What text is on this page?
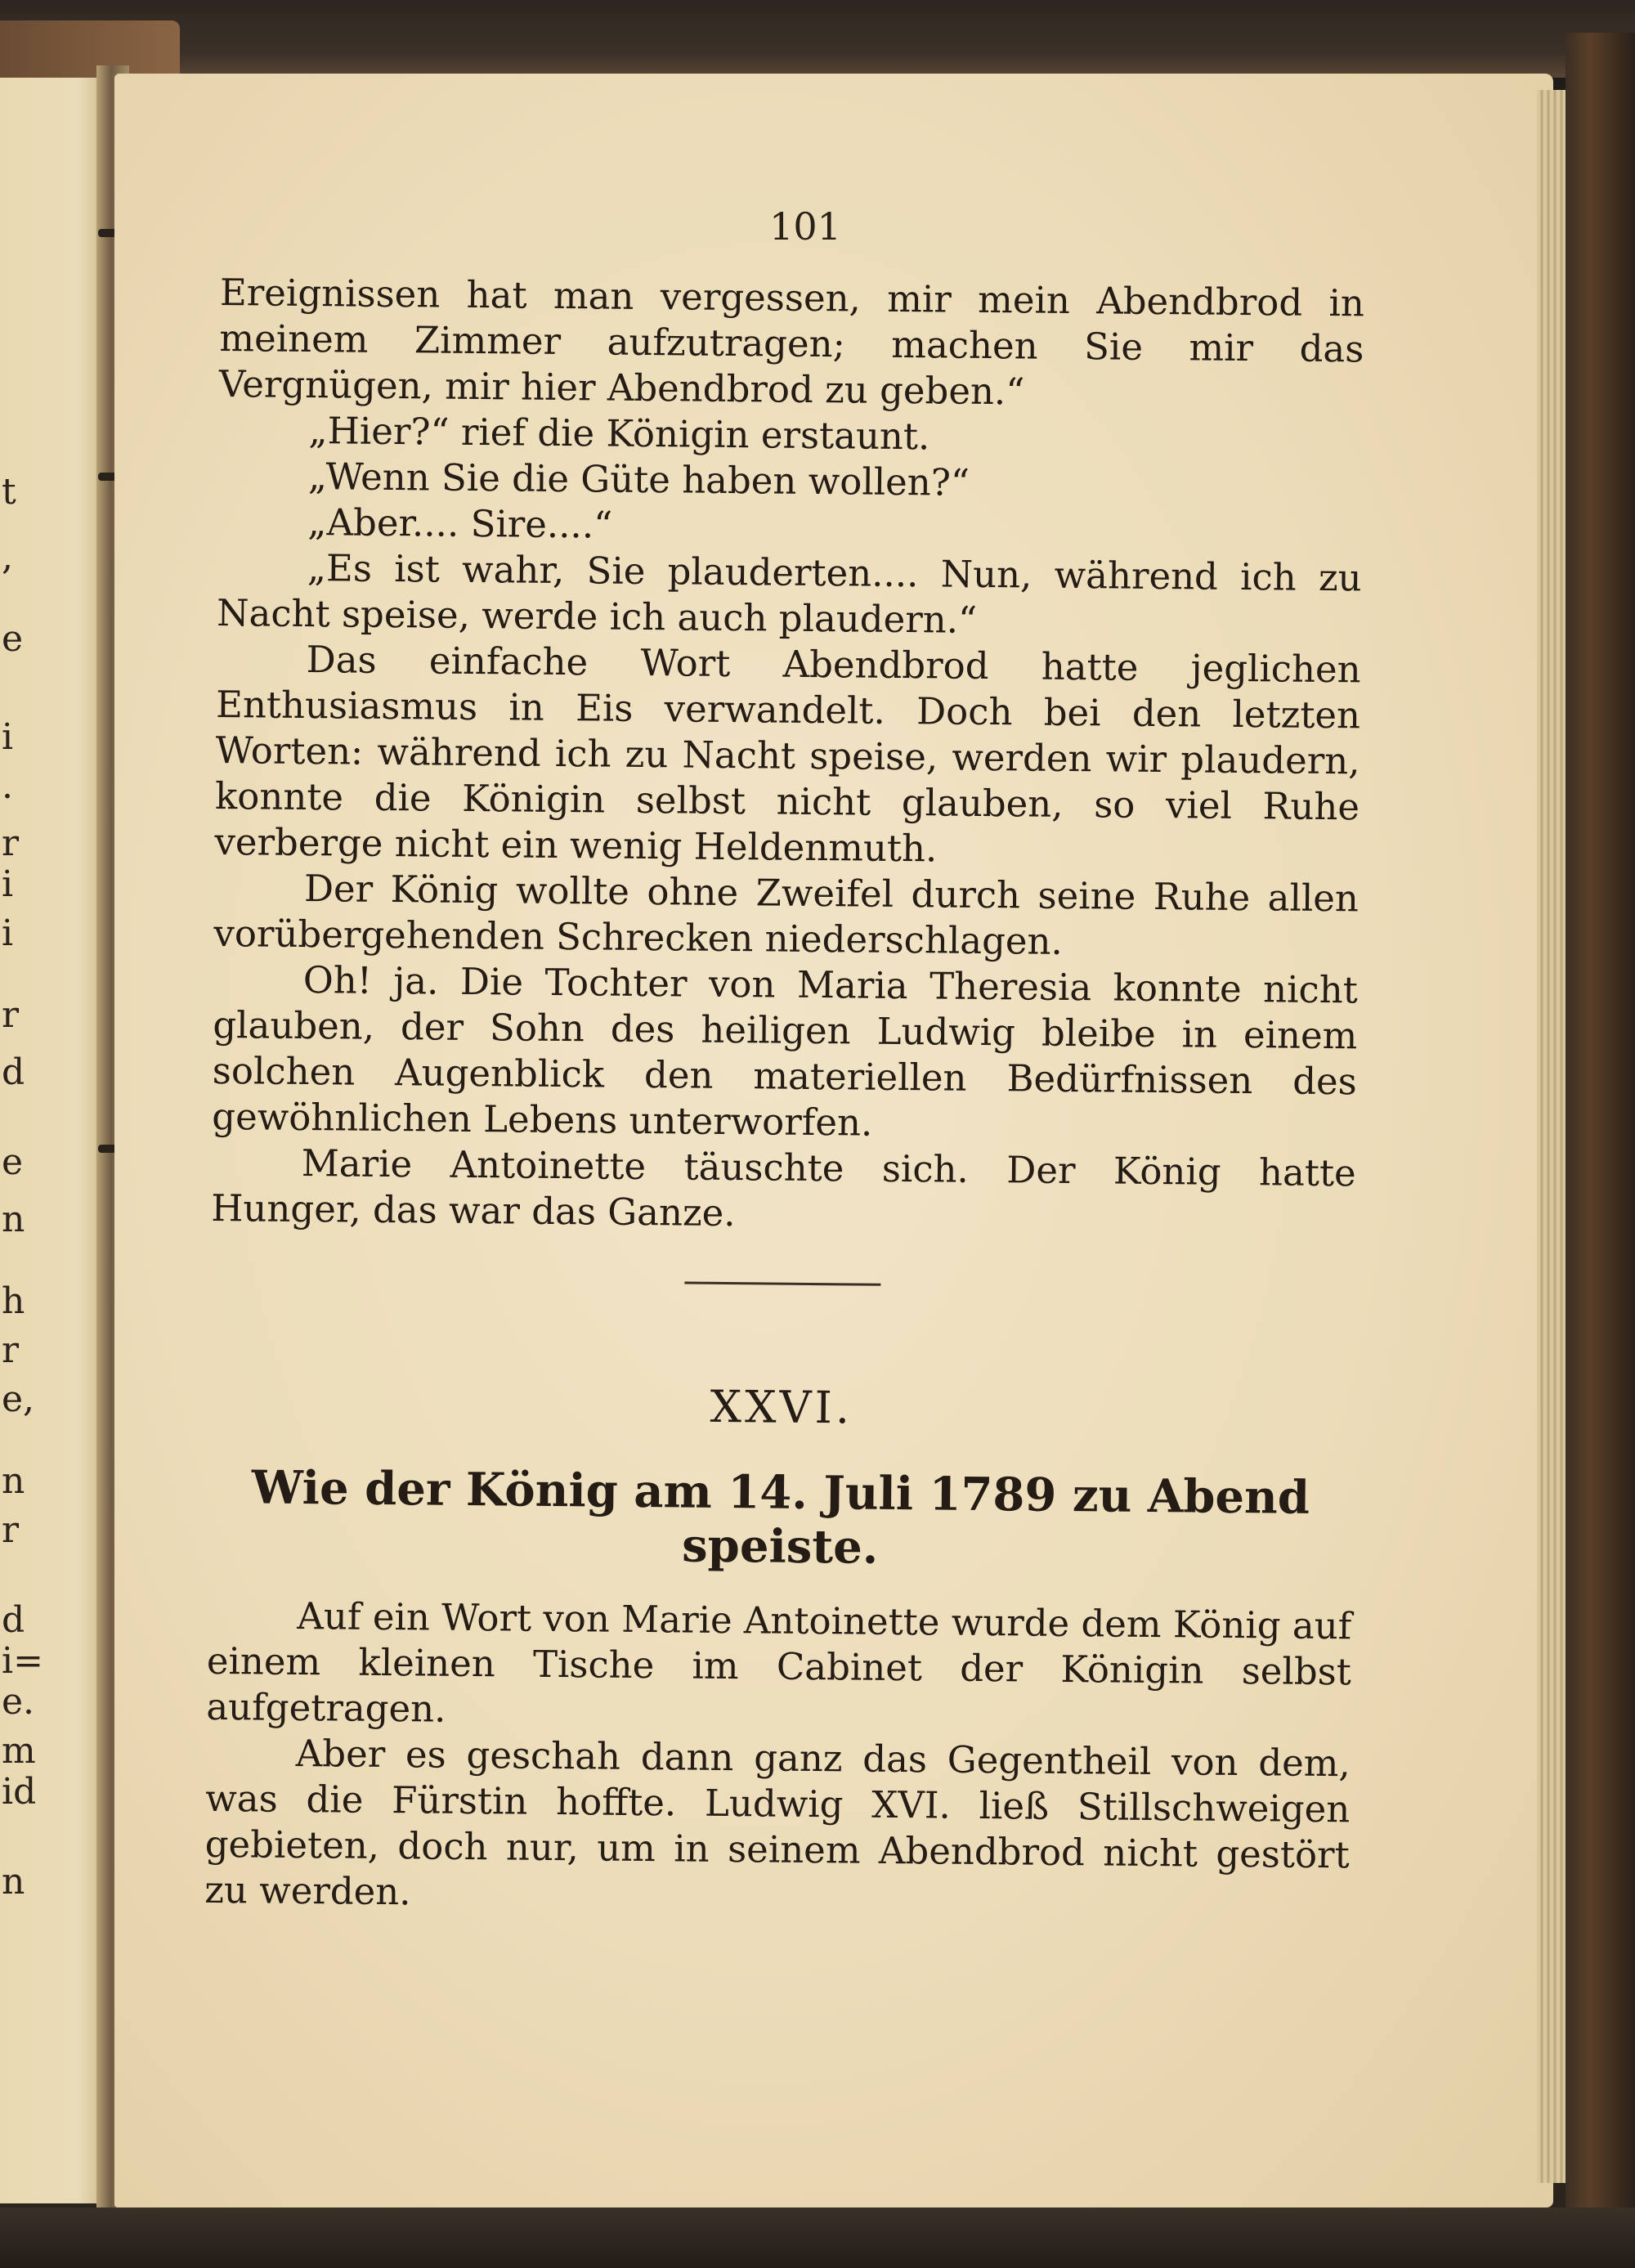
t
,
e
i
.
r
i
i
r
d
e
n
h
r
e,
n
r
d
i=
e.
m
id
n
101

Ereignissen hat man vergessen, mir mein Abendbrod in meinem Zimmer aufzutragen; machen Sie mir das Vergnügen, mir hier Abendbrod zu geben.“

„Hier?“ rief die Königin erstaunt.

„Wenn Sie die Güte haben wollen?“

„Aber.... Sire....“

„Es ist wahr, Sie plauderten.... Nun, während ich zu Nacht speise, werde ich auch plaudern.“

Das einfache Wort Abendbrod hatte jeglichen Enthusiasmus in Eis verwandelt. Doch bei den letzten Worten: während ich zu Nacht speise, werden wir plaudern, konnte die Königin selbst nicht glauben, so viel Ruhe verberge nicht ein wenig Heldenmuth.

Der König wollte ohne Zweifel durch seine Ruhe allen vorübergehenden Schrecken niederschlagen.

Oh! ja. Die Tochter von Maria Theresia konnte nicht glauben, der Sohn des heiligen Ludwig bleibe in einem solchen Augenblick den materiellen Bedürfnissen des gewöhnlichen Lebens unterworfen.

Marie Antoinette täuschte sich. Der König hatte Hunger, das war das Ganze.

XXVI.
Wie der König am 14. Juli 1789 zu Abend speiste.

Auf ein Wort von Marie Antoinette wurde dem König auf einem kleinen Tische im Cabinet der Königin selbst aufgetragen.

Aber es geschah dann ganz das Gegentheil von dem, was die Fürstin hoffte. Ludwig XVI. ließ Stillschweigen gebieten, doch nur, um in seinem Abendbrod nicht gestört zu werden.
